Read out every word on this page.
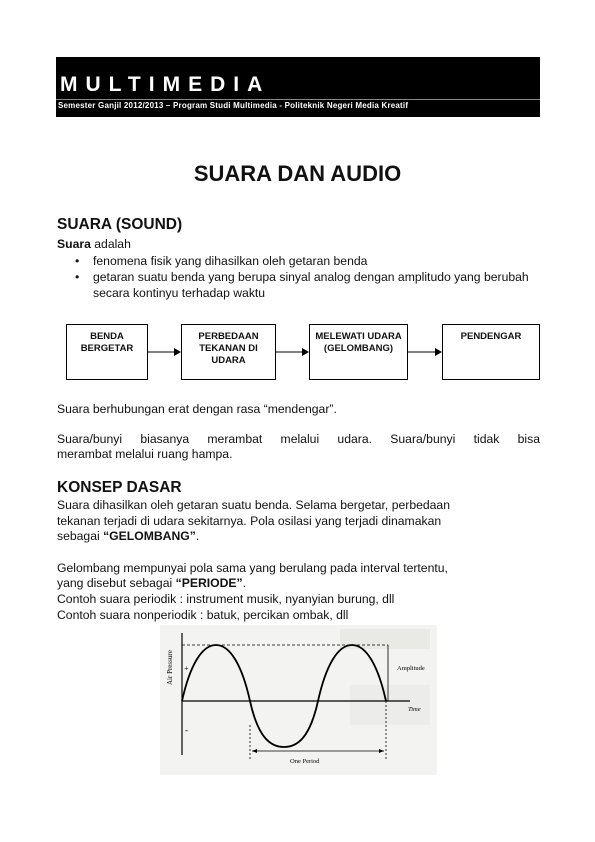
MULTIMEDIA
Semester Ganjil 2012/2013 – Program Studi Multimedia - Politeknik Negeri Media Kreatif
SUARA DAN AUDIO
SUARA (SOUND)
Suara adalah
• fenomena fisik yang dihasilkan oleh getaran benda
• getaran suatu benda yang berupa sinyal analog dengan amplitudo yang berubah secara kontinyu terhadap waktu
BENDA BERGETAR
PERBEDAAN TEKANAN DI UDARA
MELEWATI UDARA (GELOMBANG)
PENDENGAR
Suara berhubungan erat dengan rasa “mendengar”.
Suara/bunyi biasanya merambat melalui udara. Suara/bunyi tidak bisa
merambat melalui ruang hampa.
KONSEP DASAR
Suara dihasilkan oleh getaran suatu benda. Selama bergetar, perbedaan
tekanan terjadi di udara sekitarnya. Pola osilasi yang terjadi dinamakan
sebagai “GELOMBANG”.
Gelombang mempunyai pola sama yang berulang pada interval tertentu,
yang disebut sebagai “PERIODE”.
Contoh suara periodik : instrument musik, nyanyian burung, dll
Contoh suara nonperiodik : batuk, percikan ombak, dll
Air Pressure +
-
Amplitude
Time
One Period
